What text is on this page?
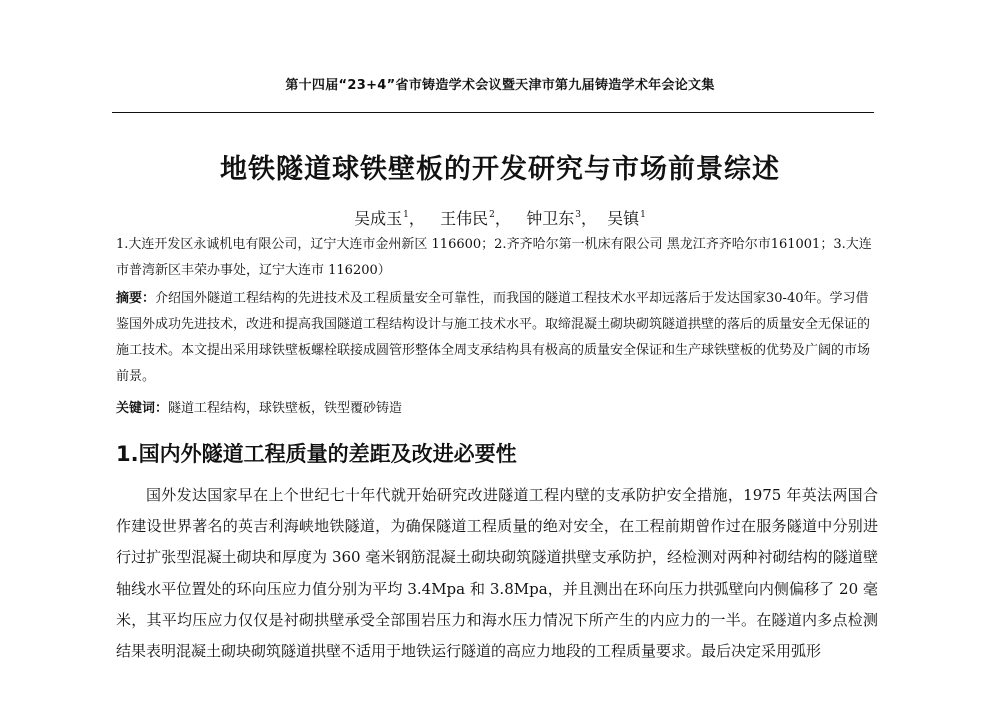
第十四届“23+4”省市铸造学术会议暨天津市第九届铸造学术年会论文集
地铁隧道球铁壁板的开发研究与市场前景综述
吴成玉$^1$， 王伟民$^2$， 钟卫东$^3$， 吴镇$^1$
1.大连开发区永诚机电有限公司，辽宁大连市金州新区 116600；2.齐齐哈尔第一机床有限公司 黑龙江齐齐哈尔市161001；3.大连市普湾新区丰荣办事处，辽宁大连市 116200）
摘要：介绍国外隧道工程结构的先进技术及工程质量安全可靠性，而我国的隧道工程技术水平却远落后于发达国家30-40年。学习借鉴国外成功先进技术，改进和提高我国隧道工程结构设计与施工技术水平。取缔混凝土砌块砌筑隧道拱壁的落后的质量安全无保证的施工技术。本文提出采用球铁壁板螺栓联接成圆管形整体全周支承结构具有极高的质量安全保证和生产球铁壁板的优势及广阔的市场前景。
关键词：隧道工程结构，球铁壁板，铁型覆砂铸造
1.国内外隧道工程质量的差距及改进必要性
国外发达国家早在上个世纪七十年代就开始研究改进隧道工程内壁的支承防护安全措施，1975 年英法两国合作建设世界著名的英吉利海峡地铁隧道，为确保隧道工程质量的绝对安全，在工程前期曾作过在服务隧道中分别进行过扩张型混凝土砌块和厚度为 360 毫米钢筋混凝土砌块砌筑隧道拱壁支承防护，经检测对两种衬砌结构的隧道壁轴线水平位置处的环向压应力值分别为平均 3.4Mpa 和 3.8Mpa，并且测出在环向压力拱弧壁向内侧偏移了 20 毫米，其平均压应力仅仅是衬砌拱壁承受全部围岩压力和海水压力情况下所产生的内应力的一半。在隧道内多点检测结果表明混凝土砌块砌筑隧道拱壁不适用于地铁运行隧道的高应力地段的工程质量要求。最后决定采用弧形
